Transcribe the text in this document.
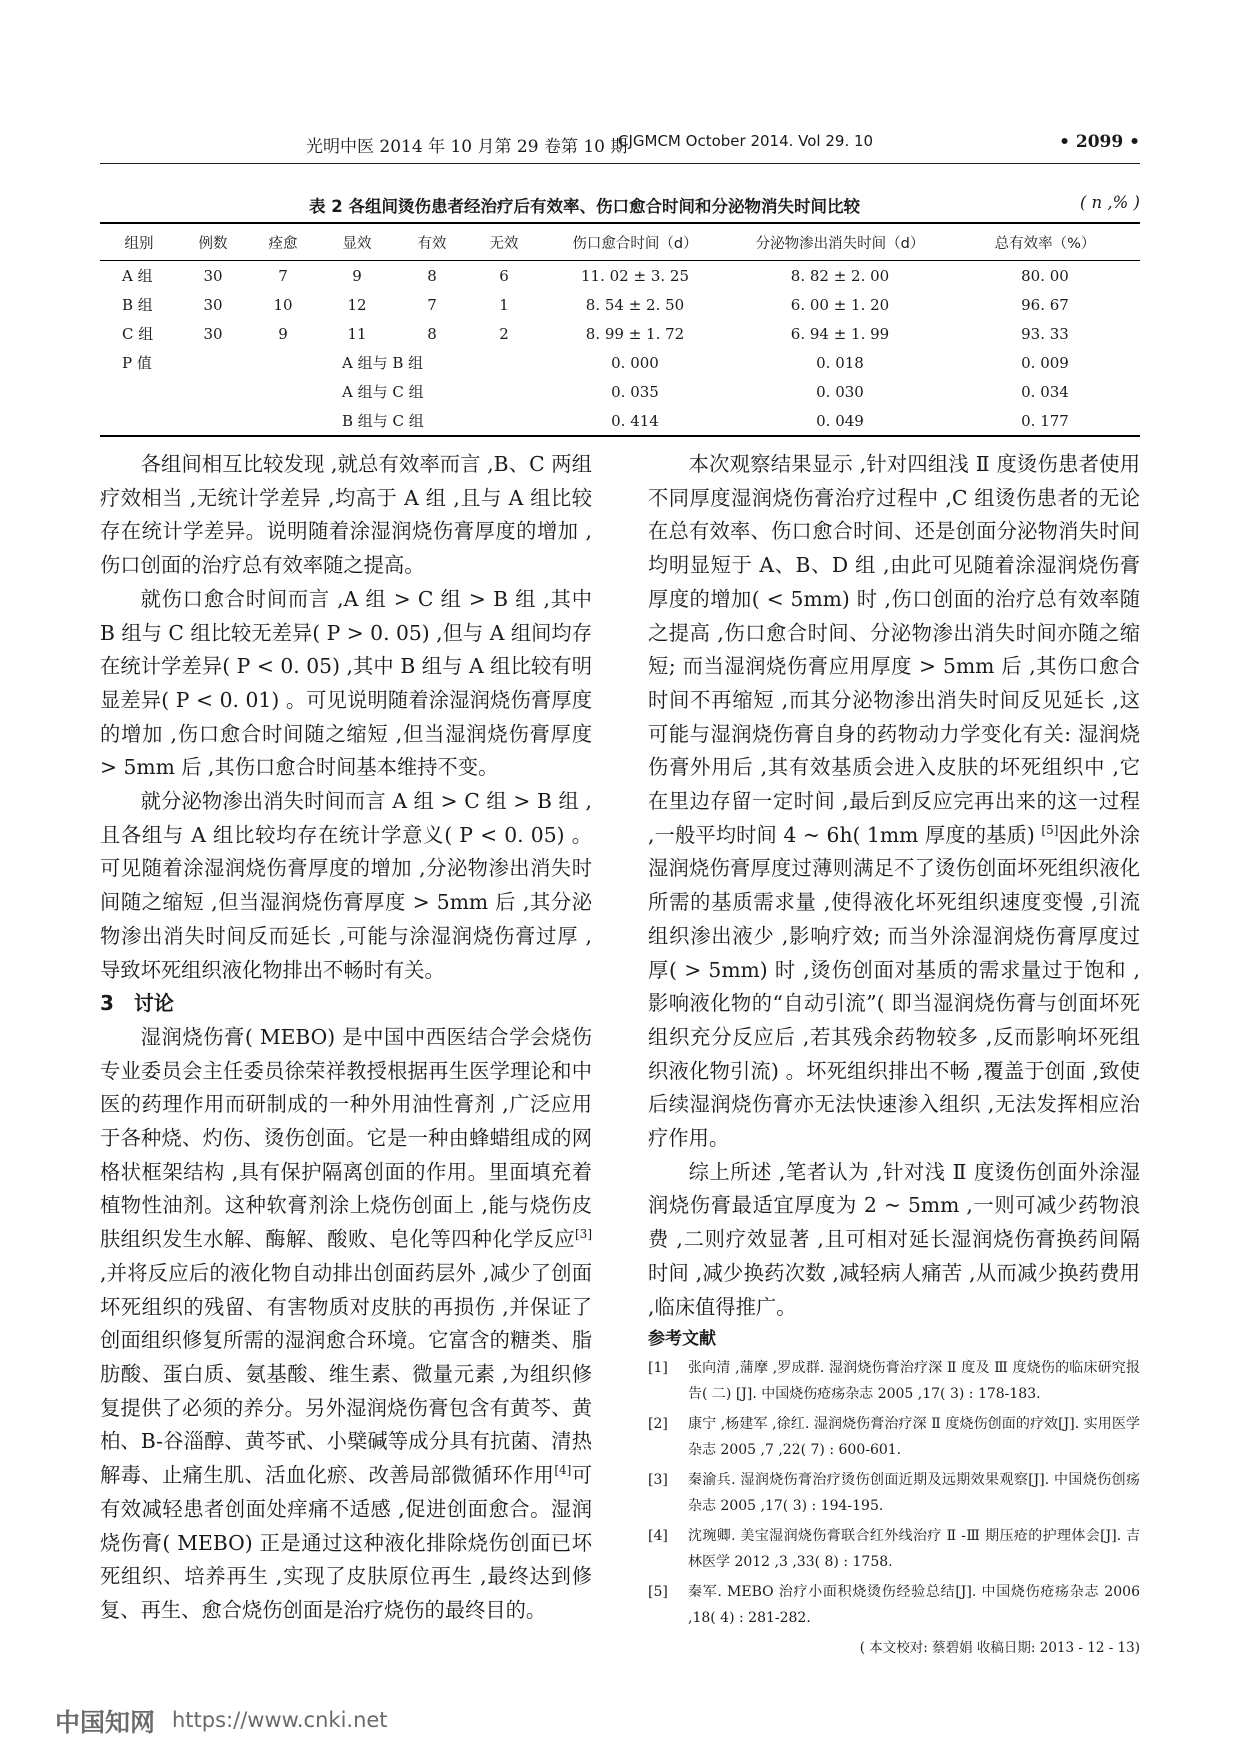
光明中医 2014 年 10 月第 29 卷第 10 期
CJGMCM October 2014. Vol 29. 10	• 2099 •
表 2 各组间烫伤患者经治疗后有效率、伤口愈合时间和分泌物消失时间比较	( n ,% )
组别	例数	痊愈	显效	有效	无效	伤口愈合时间（d）	分泌物渗出消失时间（d）	总有效率（%）
A 组	30	7	9	8	6	11. 02 ± 3. 25	8. 82 ± 2. 00	80. 00
B 组	30	10	12	7	1	8. 54 ± 2. 50	6. 00 ± 1. 20	96. 67
C 组	30	9	11	8	2	8. 99 ± 1. 72	6. 94 ± 1. 99	93. 33
P 值			A 组与 B 组			0. 000	0. 018	0. 009
			A 组与 C 组			0. 035	0. 030	0. 034
			B 组与 C 组			0. 414	0. 049	0. 177

各组间相互比较发现 ,就总有效率而言 ,B、C 两组疗效相当 ,无统计学差异 ,均高于 A 组 ,且与 A 组比较存在统计学差异。说明随着涂湿润烧伤膏厚度的增加 ,伤口创面的治疗总有效率随之提高。

就伤口愈合时间而言 ,A 组 > C 组 > B 组 ,其中 B 组与 C 组比较无差异( P > 0. 05) ,但与 A 组间均存在统计学差异( P < 0. 05) ,其中 B 组与 A 组比较有明显差异( P < 0. 01) 。可见说明随着涂湿润烧伤膏厚度的增加 ,伤口愈合时间随之缩短 ,但当湿润烧伤膏厚度 > 5mm 后 ,其伤口愈合时间基本维持不变。

就分泌物渗出消失时间而言 A 组 > C 组 > B 组 ,且各组与 A 组比较均存在统计学意义( P < 0. 05) 。可见随着涂湿润烧伤膏厚度的增加 ,分泌物渗出消失时间随之缩短 ,但当湿润烧伤膏厚度 > 5mm 后 ,其分泌物渗出消失时间反而延长 ,可能与涂湿润烧伤膏过厚 ,导致坏死组织液化物排出不畅时有关。

3 讨论

湿润烧伤膏( MEBO) 是中国中西医结合学会烧伤专业委员会主任委员徐荣祥教授根据再生医学理论和中医的药理作用而研制成的一种外用油性膏剂 ,广泛应用于各种烧、灼伤、烫伤创面。它是一种由蜂蜡组成的网格状框架结构 ,具有保护隔离创面的作用。里面填充着植物性油剂。这种软膏剂涂上烧伤创面上 ,能与烧伤皮肤组织发生水解、酶解、酸败、皂化等四种化学反应[3] ,并将反应后的液化物自动排出创面药层外 ,减少了创面坏死组织的残留、有害物质对皮肤的再损伤 ,并保证了创面组织修复所需的湿润愈合环境。它富含的糖类、脂肪酸、蛋白质、氨基酸、维生素、微量元素 ,为组织修复提供了必须的养分。另外湿润烧伤膏包含有黄芩、黄柏、B-谷淄醇、黄芩甙、小檗碱等成分具有抗菌、清热解毒、止痛生肌、活血化瘀、改善局部微循环作用[4]可有效减轻患者创面处痒痛不适感 ,促进创面愈合。湿润烧伤膏( MEBO) 正是通过这种液化排除烧伤创面已坏死组织、培养再生 ,实现了皮肤原位再生 ,最终达到修复、再生、愈合烧伤创面是治疗烧伤的最终目的。

本次观察结果显示 ,针对四组浅 Ⅱ 度烫伤患者使用不同厚度湿润烧伤膏治疗过程中 ,C 组烫伤患者的无论在总有效率、伤口愈合时间、还是创面分泌物消失时间均明显短于 A、B、D 组 ,由此可见随着涂湿润烧伤膏厚度的增加( < 5mm) 时 ,伤口创面的治疗总有效率随之提高 ,伤口愈合时间、分泌物渗出消失时间亦随之缩短; 而当湿润烧伤膏应用厚度 > 5mm 后 ,其伤口愈合时间不再缩短 ,而其分泌物渗出消失时间反见延长 ,这可能与湿润烧伤膏自身的药物动力学变化有关: 湿润烧伤膏外用后 ,其有效基质会进入皮肤的坏死组织中 ,它在里边存留一定时间 ,最后到反应完再出来的这一过程 ,一般平均时间 4 ~ 6h( 1mm 厚度的基质) [5]因此外涂湿润烧伤膏厚度过薄则满足不了烫伤创面坏死组织液化所需的基质需求量 ,使得液化坏死组织速度变慢 ,引流组织渗出液少 ,影响疗效; 而当外涂湿润烧伤膏厚度过厚( > 5mm) 时 ,烫伤创面对基质的需求量过于饱和 ,影响液化物的“自动引流”( 即当湿润烧伤膏与创面坏死组织充分反应后 ,若其残余药物较多 ,反而影响坏死组织液化物引流) 。坏死组织排出不畅 ,覆盖于创面 ,致使后续湿润烧伤膏亦无法快速渗入组织 ,无法发挥相应治疗作用。

综上所述 ,笔者认为 ,针对浅 Ⅱ 度烫伤创面外涂湿润烧伤膏最适宜厚度为 2 ~ 5mm ,一则可减少药物浪费 ,二则疗效显著 ,且可相对延长湿润烧伤膏换药间隔时间 ,减少换药次数 ,减轻病人痛苦 ,从而减少换药费用 ,临床值得推广。

参考文献
[1] 张向清 ,蒲摩 ,罗成群. 湿润烧伤膏治疗深 Ⅱ 度及 Ⅲ 度烧伤的临床研究报告( 二) [J]. 中国烧伤疮疡杂志 2005 ,17( 3) : 178-183.
[2] 康宁 ,杨建军 ,徐红. 湿润烧伤膏治疗深 Ⅱ 度烧伤创面的疗效[J]. 实用医学杂志 2005 ,7 ,22( 7) : 600-601.
[3] 秦渝兵. 湿润烧伤膏治疗烫伤创面近期及远期效果观察[J]. 中国烧伤创疡杂志 2005 ,17( 3) : 194-195.
[4] 沈琬卿. 美宝湿润烧伤膏联合红外线治疗 Ⅱ -Ⅲ 期压疮的护理体会[J]. 吉林医学 2012 ,3 ,33( 8) : 1758.
[5] 秦军. MEBO 治疗小面积烧烫伤经验总结[J]. 中国烧伤疮疡杂志 2006 ,18( 4) : 281-282.
( 本文校对: 蔡碧娟 收稿日期: 2013 - 12 - 13)
中国知网 https://www.cnki.net
